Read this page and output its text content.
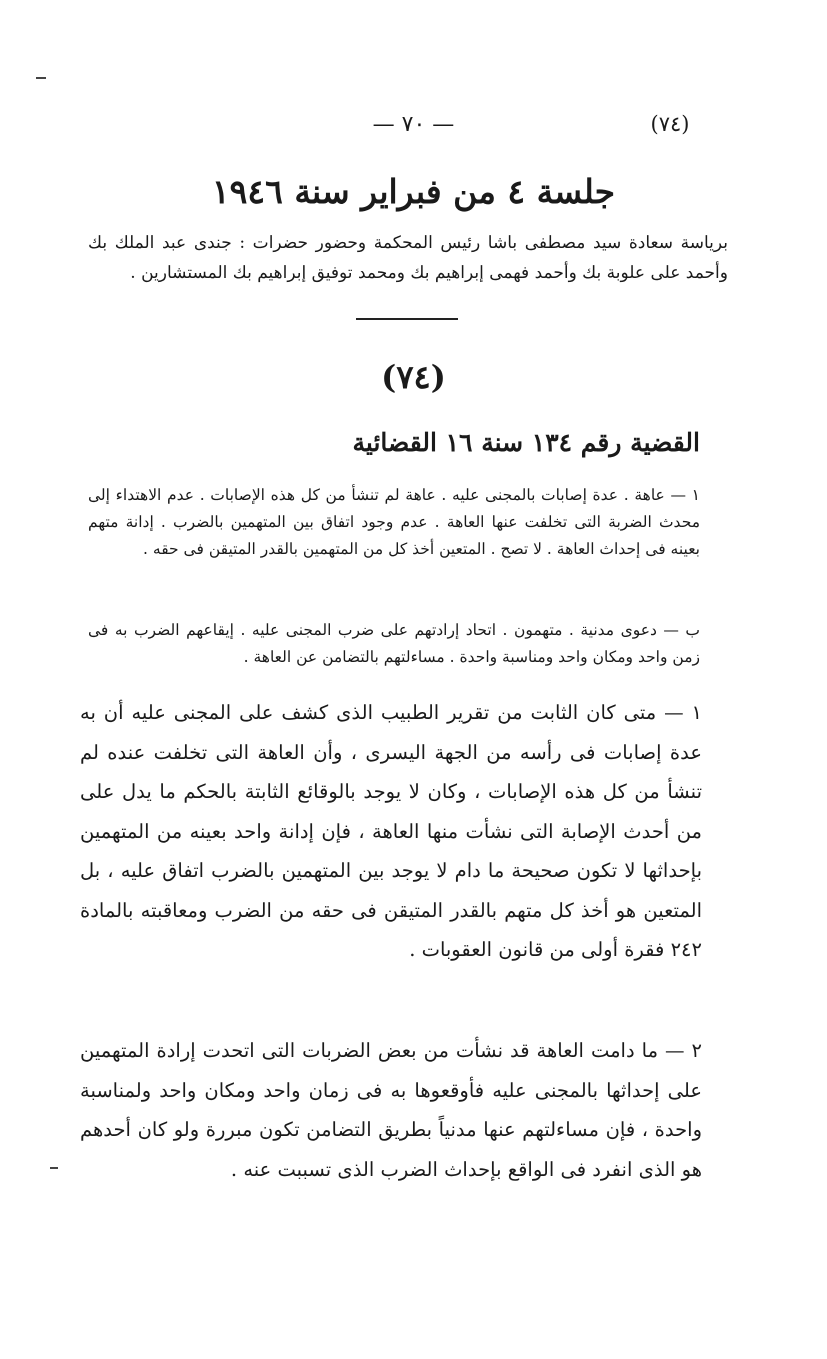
— ٧٠ —	(٧٤)
جلسة ٤ من فبراير سنة ١٩٤٦
برياسة سعادة سيد مصطفى باشا رئيس المحكمة وحضور حضرات : جندى عبد الملك بك وأحمد على علوبة بك وأحمد فهمى إبراهيم بك ومحمد توفيق إبراهيم بك المستشارين .
(٧٤)
القضية رقم ١٣٤ سنة ١٦ القضائية
١ — عاهة . عدة إصابات بالمجنى عليه . عاهة لم تنشأ من كل هذه الإصابات . عدم الاهتداء إلى محدث الضربة التى تخلفت عنها العاهة . عدم وجود اتفاق بين المتهمين بالضرب . إدانة متهم بعينه فى إحداث العاهة . لا تصح . المتعين أخذ كل من المتهمين بالقدر المتيقن فى حقه .
ب — دعوى مدنية . متهمون . اتحاد إرادتهم على ضرب المجنى عليه . إيقاعهم الضرب به فى زمن واحد ومكان واحد ومناسبة واحدة . مساءلتهم بالتضامن عن العاهة .
١ — متى كان الثابت من تقرير الطبيب الذى كشف على المجنى عليه أن به عدة إصابات فى رأسه من الجهة اليسرى ، وأن العاهة التى تخلفت عنده لم تنشأ من كل هذه الإصابات ، وكان لا يوجد بالوقائع الثابتة بالحكم ما يدل على من أحدث الإصابة التى نشأت منها العاهة ، فإن إدانة واحد بعينه من المتهمين بإحداثها لا تكون صحيحة ما دام لا يوجد بين المتهمين بالضرب اتفاق عليه ، بل المتعين هو أخذ كل متهم بالقدر المتيقن فى حقه من الضرب ومعاقبته بالمادة ٢٤٢ فقرة أولى من قانون العقوبات .
٢ — ما دامت العاهة قد نشأت من بعض الضربات التى اتحدت إرادة المتهمين على إحداثها بالمجنى عليه فأوقعوها به فى زمان واحد ومكان واحد ولمناسبة واحدة ، فإن مساءلتهم عنها مدنياً بطريق التضامن تكون مبررة ولو كان أحدهم هو الذى انفرد فى الواقع بإحداث الضرب الذى تسببت عنه .
